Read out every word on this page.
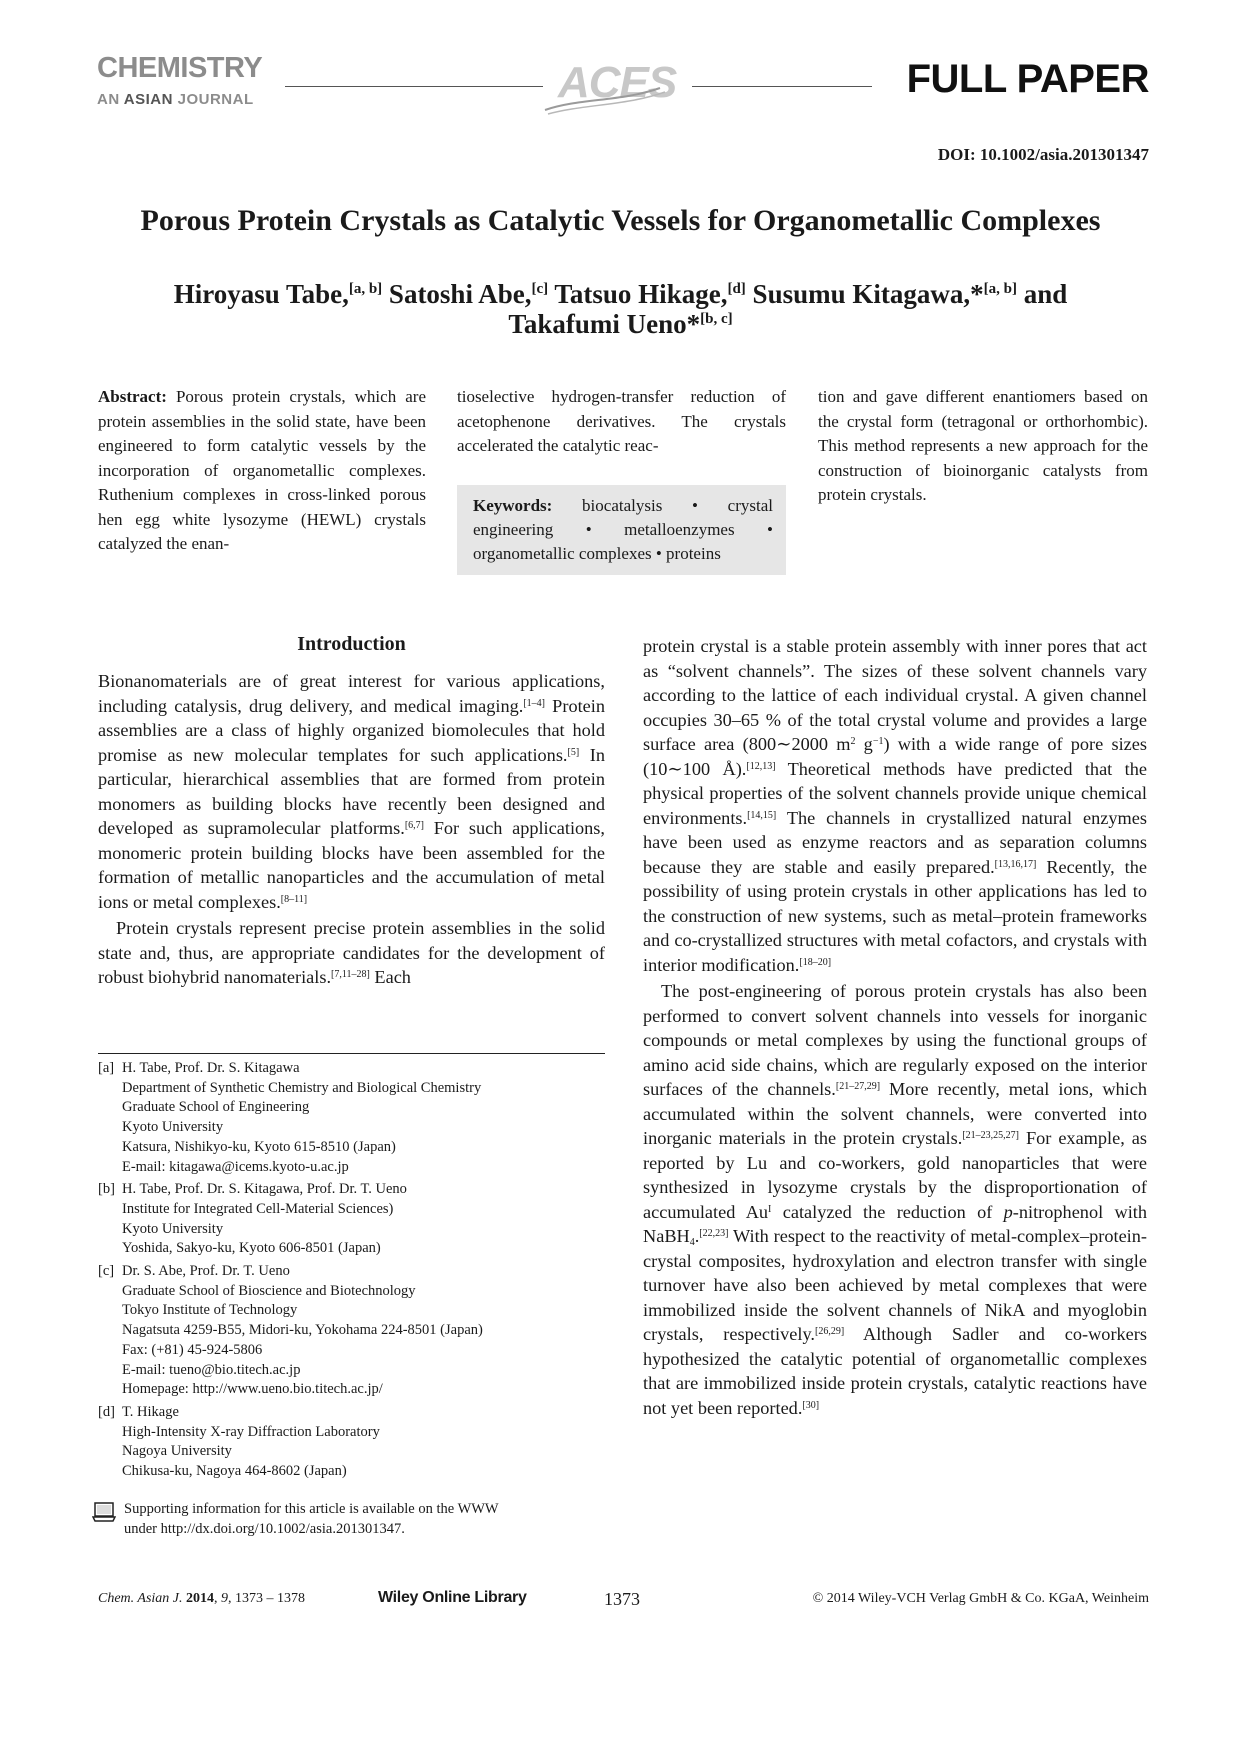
CHEMISTRY
AN ASIAN JOURNAL	ACES	FULL PAPER
DOI: 10.1002/asia.201301347
Porous Protein Crystals as Catalytic Vessels for Organometallic Complexes
Hiroyasu Tabe,[a, b] Satoshi Abe,[c] Tatsuo Hikage,[d] Susumu Kitagawa,*[a, b] and
Takafumi Ueno*[b, c]
Abstract: Porous protein crystals, which are protein assemblies in the solid state, have been engineered to form catalytic vessels by the incorporation of organometallic complexes. Ruthenium complexes in cross-linked porous hen egg white lysozyme (HEWL) crystals catalyzed the enan-
tioselective hydrogen-transfer reduction of acetophenone derivatives. The crystals accelerated the catalytic reac-
Keywords: biocatalysis • crystal engineering • metalloenzymes • organometallic complexes • proteins
tion and gave different enantiomers based on the crystal form (tetragonal or orthorhombic). This method represents a new approach for the construction of bioinorganic catalysts from protein crystals.
Introduction

Bionanomaterials are of great interest for various applications, including catalysis, drug delivery, and medical imaging.[1–4] Protein assemblies are a class of highly organized biomolecules that hold promise as new molecular templates for such applications.[5] In particular, hierarchical assemblies that are formed from protein monomers as building blocks have recently been designed and developed as supramolecular platforms.[6,7] For such applications, monomeric protein building blocks have been assembled for the formation of metallic nanoparticles and the accumulation of metal ions or metal complexes.[8–11]

Protein crystals represent precise protein assemblies in the solid state and, thus, are appropriate candidates for the development of robust biohybrid nanomaterials.[7,11–28] Each

protein crystal is a stable protein assembly with inner pores that act as “solvent channels”. The sizes of these solvent channels vary according to the lattice of each individual crystal. A given channel occupies 30–65 % of the total crystal volume and provides a large surface area (800∼2000 $m^2$ $g^{-1}$) with a wide range of pore sizes (10∼100 Å).[12,13] Theoretical methods have predicted that the physical properties of the solvent channels provide unique chemical environments.[14,15] The channels in crystallized natural enzymes have been used as enzyme reactors and as separation columns because they are stable and easily prepared.[13,16,17] Recently, the possibility of using protein crystals in other applications has led to the construction of new systems, such as metal–protein frameworks and co-crystallized structures with metal cofactors, and crystals with interior modification.[18–20]

The post-engineering of porous protein crystals has also been performed to convert solvent channels into vessels for inorganic compounds or metal complexes by using the functional groups of amino acid side chains, which are regularly exposed on the interior surfaces of the channels.[21–27,29] More recently, metal ions, which accumulated within the solvent channels, were converted into inorganic materials in the protein crystals.[21–23,25,27] For example, as reported by Lu and co-workers, gold nanoparticles that were synthesized in lysozyme crystals by the disproportionation of accumulated $Au^I$ catalyzed the reduction of p-nitrophenol with NaBH$_4$.[22,23] With respect to the reactivity of metal-complex–protein-crystal composites, hydroxylation and electron transfer with single turnover have also been achieved by metal complexes that were immobilized inside the solvent channels of NikA and myoglobin crystals, respectively.[26,29] Although Sadler and co-workers hypothesized the catalytic potential of organometallic complexes that are immobilized inside protein crystals, catalytic reactions have not yet been reported.[30]

[a] H. Tabe, Prof. Dr. S. Kitagawa
Department of Synthetic Chemistry and Biological Chemistry
Graduate School of Engineering
Kyoto University
Katsura, Nishikyo-ku, Kyoto 615-8510 (Japan)
E-mail: kitagawa@icems.kyoto-u.ac.jp
[b] H. Tabe, Prof. Dr. S. Kitagawa, Prof. Dr. T. Ueno
Institute for Integrated Cell-Material Sciences)
Kyoto University
Yoshida, Sakyo-ku, Kyoto 606-8501 (Japan)
[c] Dr. S. Abe, Prof. Dr. T. Ueno
Graduate School of Bioscience and Biotechnology
Tokyo Institute of Technology
Nagatsuta 4259-B55, Midori-ku, Yokohama 224-8501 (Japan)
Fax: (+81) 45-924-5806
E-mail: tueno@bio.titech.ac.jp
Homepage: http://www.ueno.bio.titech.ac.jp/
[d] T. Hikage
High-Intensity X-ray Diffraction Laboratory
Nagoya University
Chikusa-ku, Nagoya 464-8602 (Japan)
Supporting information for this article is available on the WWW
under http://dx.doi.org/10.1002/asia.201301347.
Chem. Asian J. 2014, 9, 1373 – 1378	Wiley Online Library	1373	© 2014 Wiley-VCH Verlag GmbH & Co. KGaA, Weinheim
